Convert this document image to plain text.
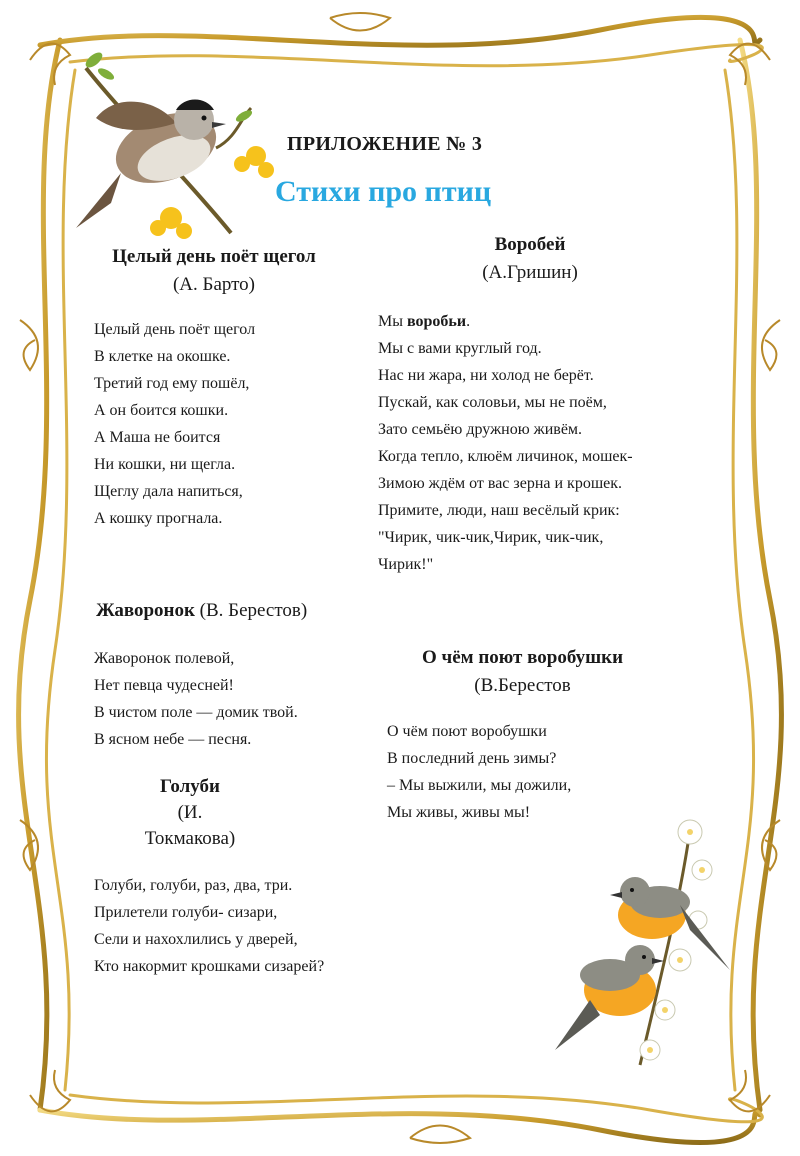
ПРИЛОЖЕНИЕ № 3
Стихи про птиц
Целый день поёт щегол
(А. Барто)
Целый день поёт щегол
В клетке на окошке.
Третий год ему пошёл,
А он боится кошки.
А Маша не боится
Ни кошки, ни щегла.
Щеглу дала напиться,
А кошку прогнала.
Воробей
(А.Гришин)
Мы воробьи.
Мы с вами круглый год.
Нас ни жара, ни холод не берёт.
Пускай, как соловьи, мы не поём,
Зато семьёю дружною живём.
Когда тепло, клюём личинок, мошек-
Зимою ждём от вас зерна и крошек.
Примите, люди, наш весёлый крик:
"Чирик, чик-чик,Чирик, чик-чик,
Чирик!"
Жаворонок (В. Берестов)
Жаворонок полевой,
Нет певца чудесней!
В чистом поле — домик твой.
В ясном небе — песня.
О чём поют воробушки
(В.Берестов
О чём поют воробушки
В последний день зимы?
– Мы выжили, мы дожили,
Мы живы, живы мы!
Голуби
(И.
Токмакова)
Голуби, голуби, раз, два, три.
Прилетели голуби- сизари,
Сели и нахохлились у дверей,
Кто накормит крошками сизарей?
